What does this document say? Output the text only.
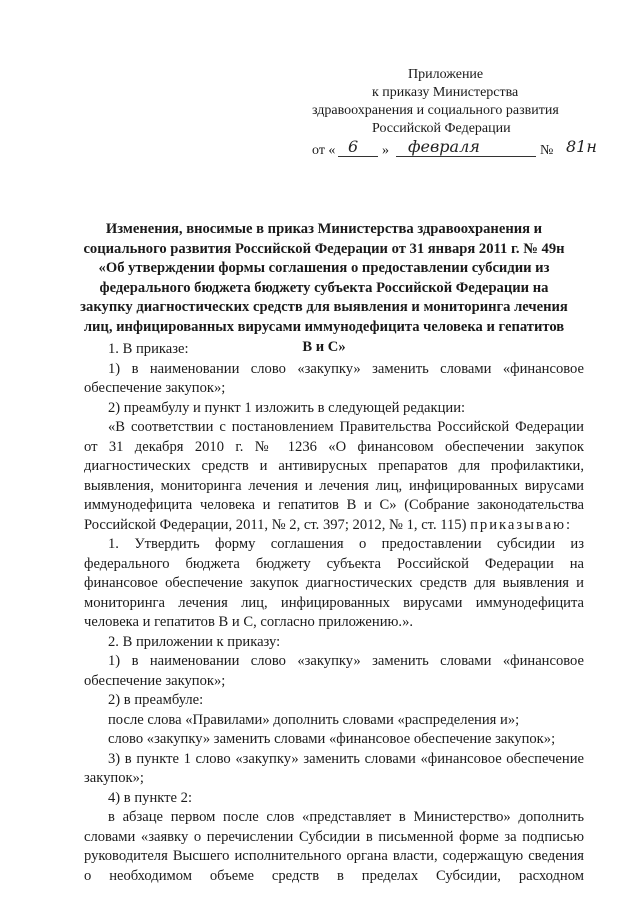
Приложение
к приказу Министерства
здравоохранения и социального развития
Российской Федерации
от « 6 » февраля	№ 81н
Изменения, вносимые в приказ Министерства здравоохранения и социального развития Российской Федерации от 31 января 2011 г. № 49н «Об утверждении формы соглашения о предоставлении субсидии из федерального бюджета бюджету субъекта Российской Федерации на закупку диагностических средств для выявления и мониторинга лечения лиц, инфицированных вирусами иммунодефицита человека и гепатитов В и С»

1. В приказе:

1) в наименовании слово «закупку» заменить словами «финансовое обеспечение закупок»;

2) преамбулу и пункт 1 изложить в следующей редакции:

«В соответствии с постановлением Правительства Российской Федерации от 31 декабря 2010 г. № 1236 «О финансовом обеспечении закупок диагностических средств и антивирусных препаратов для профилактики, выявления, мониторинга лечения и лечения лиц, инфицированных вирусами иммунодефицита человека и гепатитов В и С» (Собрание законодательства Российской Федерации, 2011, № 2, ст. 397; 2012, № 1, ст. 115) приказываю:

1. Утвердить форму соглашения о предоставлении субсидии из федерального бюджета бюджету субъекта Российской Федерации на финансовое обеспечение закупок диагностических средств для выявления и мониторинга лечения лиц, инфицированных вирусами иммунодефицита человека и гепатитов В и С, согласно приложению.».

2. В приложении к приказу:

1) в наименовании слово «закупку» заменить словами «финансовое обеспечение закупок»;

2) в преамбуле:

после слова «Правилами» дополнить словами «распределения и»;

слово «закупку» заменить словами «финансовое обеспечение закупок»;

3) в пункте 1 слово «закупку» заменить словами «финансовое обеспечение закупок»;

4) в пункте 2:

в абзаце первом после слов «представляет в Министерство» дополнить словами «заявку о перечислении Субсидии в письменной форме за подписью руководителя Высшего исполнительного органа власти, содержащую сведения о необходимом объеме средств в пределах Субсидии, расходном
